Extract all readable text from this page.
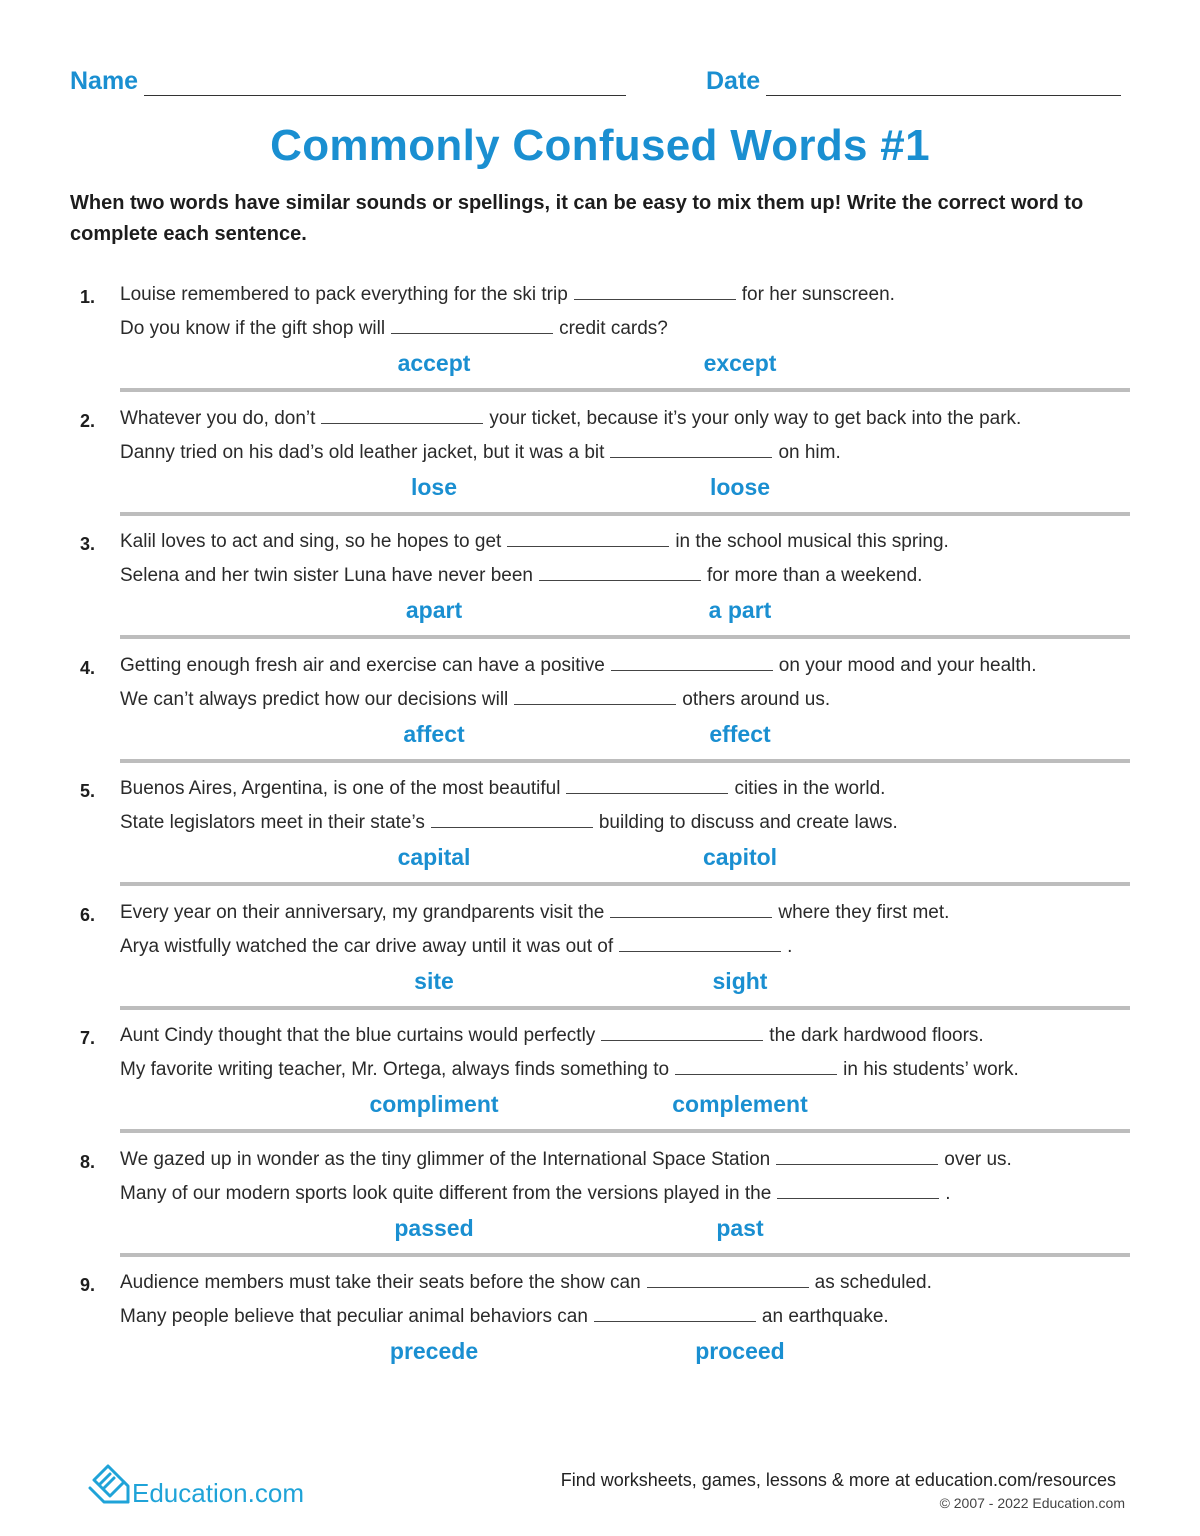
Name	Date
Commonly Confused Words #1
When two words have similar sounds or spellings, it can be easy to mix them up! Write the correct word to complete each sentence.
1.	Louise remembered to pack everything for the ski trip	for her sunscreen.
Do you know if the gift shop will	credit cards?
accept	except
2.	Whatever you do, don’t	your ticket, because it’s your only way to get back into the park.
Danny tried on his dad’s old leather jacket, but it was a bit	on him.
lose	loose
3.	Kalil loves to act and sing, so he hopes to get	in the school musical this spring.
Selena and her twin sister Luna have never been	for more than a weekend.
apart	a part
4.	Getting enough fresh air and exercise can have a positive	on your mood and your health.
We can’t always predict how our decisions will	others around us.
affect	effect
5.	Buenos Aires, Argentina, is one of the most beautiful	cities in the world.
State legislators meet in their state’s	building to discuss and create laws.
capital	capitol
6.	Every year on their anniversary, my grandparents visit the	where they first met.
Arya wistfully watched the car drive away until it was out of	.
site	sight
7.	Aunt Cindy thought that the blue curtains would perfectly	the dark hardwood floors.
My favorite writing teacher, Mr. Ortega, always finds something to	in his students’ work.
compliment	complement
8.	We gazed up in wonder as the tiny glimmer of the International Space Station	over us.
Many of our modern sports look quite different from the versions played in the	.
passed	past
9.	Audience members must take their seats before the show can	as scheduled.
Many people believe that peculiar animal behaviors can	an earthquake.
precede	proceed
Education.com	Find worksheets, games, lessons & more at education.com/resources
© 2007 - 2022 Education.com
